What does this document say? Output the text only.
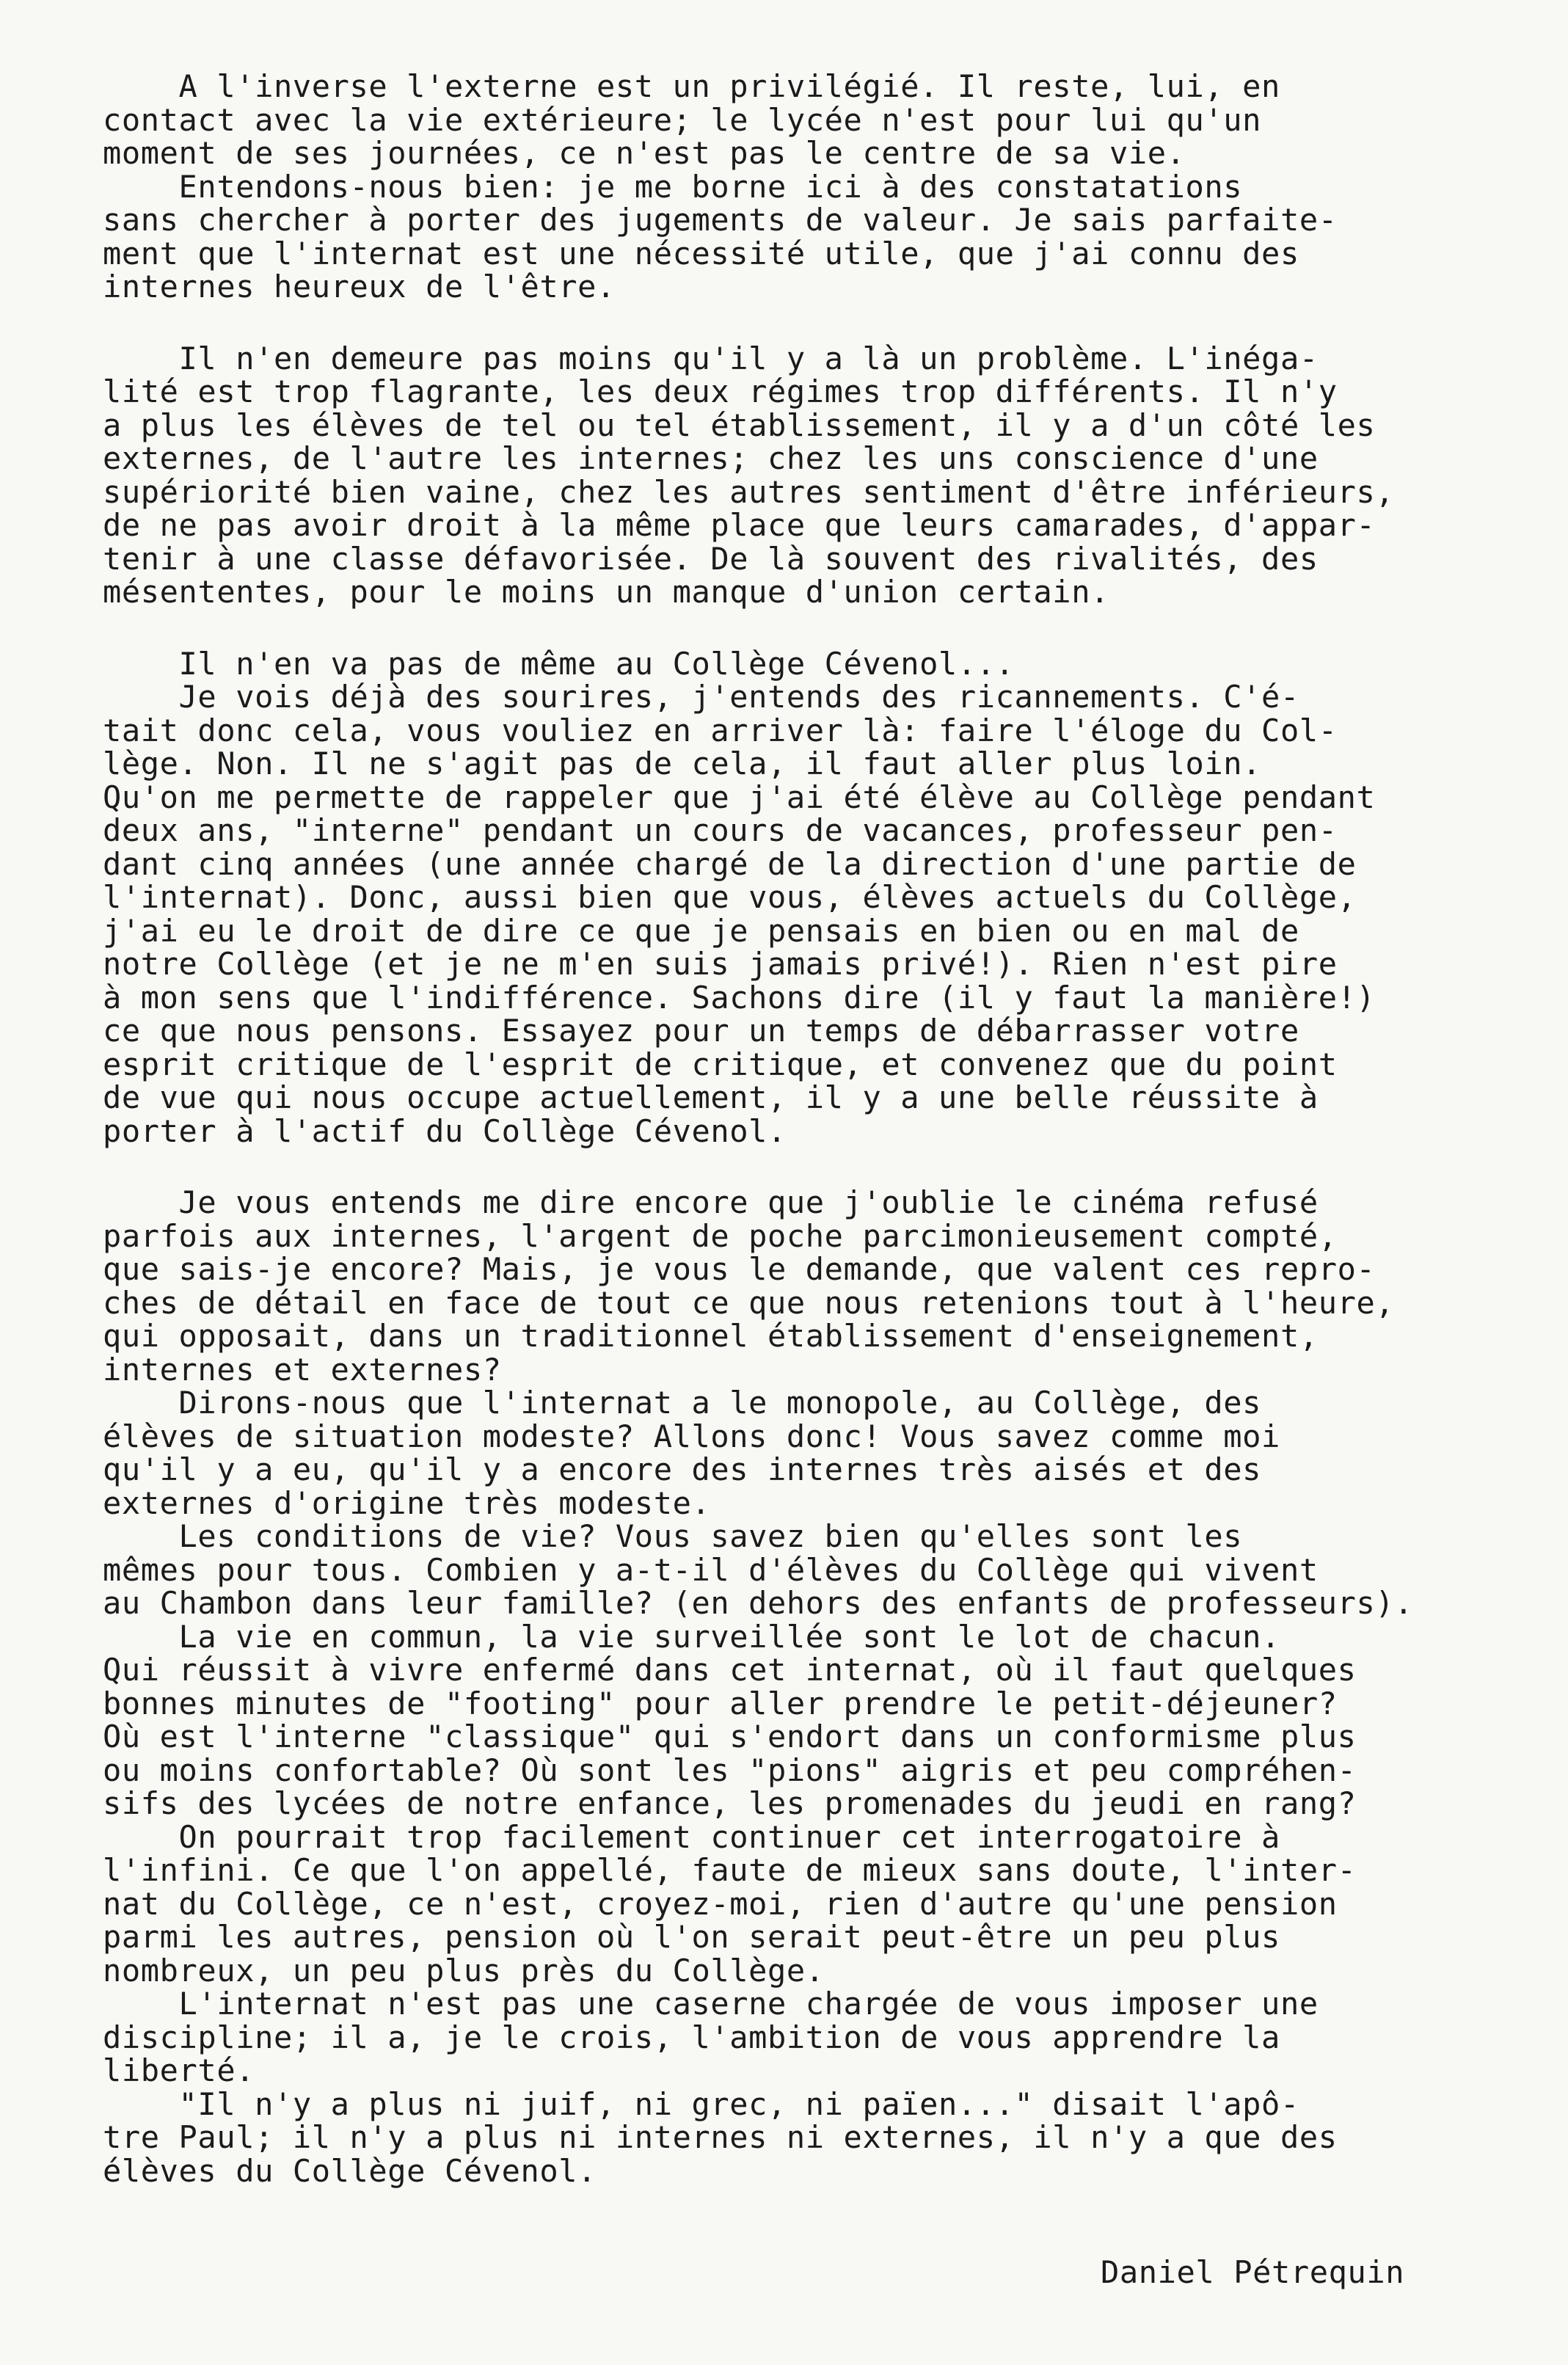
A l'inverse l'externe est un privilégié. Il reste, lui, en
contact avec la vie extérieure; le lycée n'est pour lui qu'un
moment de ses journées, ce n'est pas le centre de sa vie.
Entendons-nous bien: je me borne ici à des constatations
sans chercher à porter des jugements de valeur. Je sais parfaite-
ment que l'internat est une nécessité utile, que j'ai connu des
internes heureux de l'être.
Il n'en demeure pas moins qu'il y a là un problème. L'inéga-
lité est trop flagrante, les deux régimes trop différents. Il n'y
a plus les élèves de tel ou tel établissement, il y a d'un côté les
externes, de l'autre les internes; chez les uns conscience d'une
supériorité bien vaine, chez les autres sentiment d'être inférieurs,
de ne pas avoir droit à la même place que leurs camarades, d'appar-
tenir à une classe défavorisée. De là souvent des rivalités, des
mésententes, pour le moins un manque d'union certain.
Il n'en va pas de même au Collège Cévenol...
Je vois déjà des sourires, j'entends des ricannements. C'é-
tait donc cela, vous vouliez en arriver là: faire l'éloge du Col-
lège. Non. Il ne s'agit pas de cela, il faut aller plus loin.
Qu'on me permette de rappeler que j'ai été élève au Collège pendant
deux ans, "interne" pendant un cours de vacances, professeur pen-
dant cinq années (une année chargé de la direction d'une partie de
l'internat). Donc, aussi bien que vous, élèves actuels du Collège,
j'ai eu le droit de dire ce que je pensais en bien ou en mal de
notre Collège (et je ne m'en suis jamais privé!). Rien n'est pire
à mon sens que l'indifférence. Sachons dire (il y faut la manière!)
ce que nous pensons. Essayez pour un temps de débarrasser votre
esprit critique de l'esprit de critique, et convenez que du point
de vue qui nous occupe actuellement, il y a une belle réussite à
porter à l'actif du Collège Cévenol.
Je vous entends me dire encore que j'oublie le cinéma refusé
parfois aux internes, l'argent de poche parcimonieusement compté,
que sais-je encore? Mais, je vous le demande, que valent ces repro-
ches de détail en face de tout ce que nous retenions tout à l'heure,
qui opposait, dans un traditionnel établissement d'enseignement,
internes et externes?
Dirons-nous que l'internat a le monopole, au Collège, des
élèves de situation modeste? Allons donc! Vous savez comme moi
qu'il y a eu, qu'il y a encore des internes très aisés et des
externes d'origine très modeste.
Les conditions de vie? Vous savez bien qu'elles sont les
mêmes pour tous. Combien y a-t-il d'élèves du Collège qui vivent
au Chambon dans leur famille? (en dehors des enfants de professeurs).
La vie en commun, la vie surveillée sont le lot de chacun.
Qui réussit à vivre enfermé dans cet internat, où il faut quelques
bonnes minutes de "footing" pour aller prendre le petit-déjeuner?
Où est l'interne "classique" qui s'endort dans un conformisme plus
ou moins confortable? Où sont les "pions" aigris et peu compréhen-
sifs des lycées de notre enfance, les promenades du jeudi en rang?
On pourrait trop facilement continuer cet interrogatoire à
l'infini. Ce que l'on appellé, faute de mieux sans doute, l'inter-
nat du Collège, ce n'est, croyez-moi, rien d'autre qu'une pension
parmi les autres, pension où l'on serait peut-être un peu plus
nombreux, un peu plus près du Collège.
L'internat n'est pas une caserne chargée de vous imposer une
discipline; il a, je le crois, l'ambition de vous apprendre la
liberté.
"Il n'y a plus ni juif, ni grec, ni païen..." disait l'apô-
tre Paul; il n'y a plus ni internes ni externes, il n'y a que des
élèves du Collège Cévenol.
Daniel Pétrequin
